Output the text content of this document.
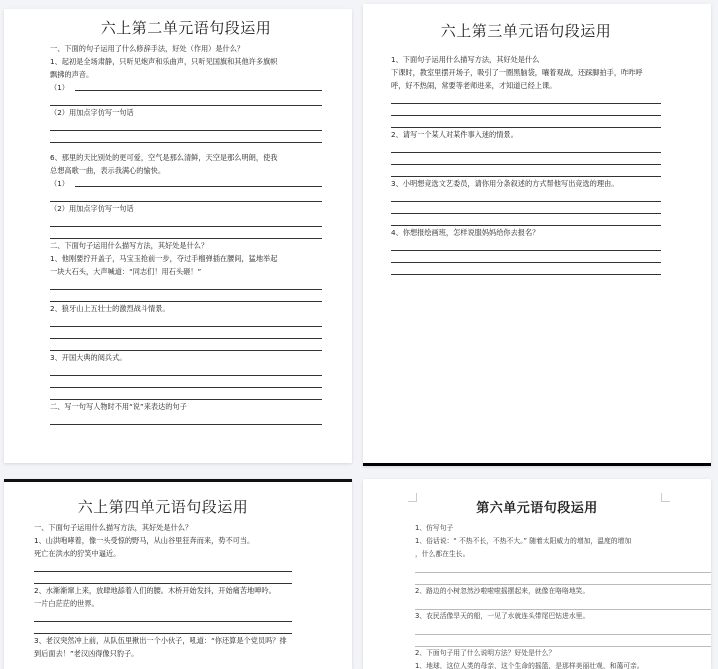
六上第二单元语句段运用
一、下面的句子运用了什么修辞手法，好处（作用）是什么？
1、起初是全场肃静，只听见炮声和乐曲声，只听见国旗和其他许多旗帜
飘拂的声音。
（1）
（2）用加点字仿写一句话
6、那里的天比别处的更可爱，空气是那么清鲜，天空是那么明朗，使我
总想高歌一曲，表示我满心的愉快。
（1）
（2）用加点字仿写一句话
二、下面句子运用什么描写方法，其好处是什么？
1、他刚要拧开盖子，马宝玉抢前一步，夺过手榴弹插在腰间，猛地举起
一块大石头，大声喊道：“同志们！用石头砸！”
2、狼牙山上五壮士的激烈战斗情景。
3、开国大典的阅兵式。
二、写一句写人物时不用“说”来表达的句子
六上第三单元语句段运用
1、下面句子运用什么描写方法，其好处是什么
下课时，教室里摆开场子，吸引了一圈黑脑袋，嚷着观战，还踩脚拍手，咋咋呼
呼，好不热闹，常要等老师进来，才知道已经上课。
2、请写一个某人对某件事入迷的情景。
3、小明想竞选文艺委员，请你用分条叙述的方式帮他写出竞选的理由。
4、你想报绘画班，怎样说服妈妈给你去报名？
六上第四单元语句段运用
一、下面句子运用什么描写方法，其好处是什么？
1、山洪咆哮着，像一头受惊的野马，从山谷里狂奔而来，势不可当。
死亡在洪水的狞笑中逼近。
2、水渐渐窜上来，放肆地舔着人们的腰。木桥开始发抖，开始痛苦地呻吟。
一片白茫茫的世界。
3、老汉突然冲上前，从队伍里揪出一个小伙子，吼道：“你还算是个党员吗？排
到后面去！”老汉凶得像只豹子。
第六单元语句段运用
1、仿写句子
1、俗话说：“ 不热不长，不热不大。” 随着太阳威力的增加，温度的增加
，什么都在生长。
2、路边的小树忽然沙啦啦啦摇摆起来，就像在咯咯地笑。
3、农民活像旱天的船，一见了水就连头带尾巴钻进水里。
2、下面句子用了什么说明方法？好处是什么？
1、地球，这位人类的母亲，这个生命的摇篮，是那样美丽壮观，和蔼可亲。
